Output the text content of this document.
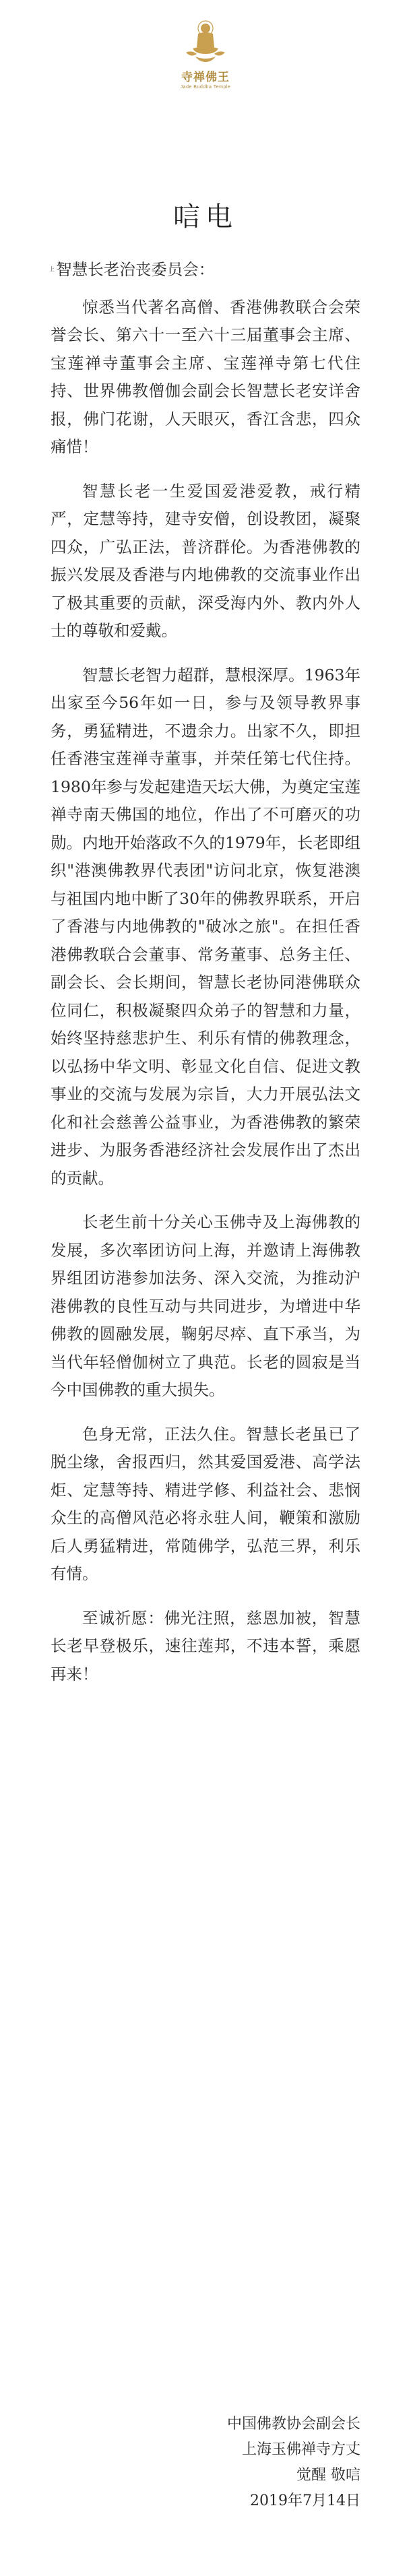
寺禅佛王
Jade Buddha Temple
唁电

智慧长老治丧委员会：

惊悉当代著名高僧、香港佛教联合会荣誉会长、第六十一至六十三届董事会主席、宝莲禅寺董事会主席、宝莲禅寺第七代住持、世界佛教僧伽会副会长智慧长老安详舍报，佛门花谢，人天眼灭，香江含悲，四众痛惜！

智慧长老一生爱国爱港爱教，戒行精严，定慧等持，建寺安僧，创设教团，凝聚四众，广弘正法，普济群伦。为香港佛教的振兴发展及香港与内地佛教的交流事业作出了极其重要的贡献，深受海内外、教内外人士的尊敬和爱戴。

智慧长老智力超群，慧根深厚。1963年出家至今56年如一日，参与及领导教界事务，勇猛精进，不遗余力。出家不久，即担任香港宝莲禅寺董事，并荣任第七代住持。1980年参与发起建造天坛大佛，为奠定宝莲禅寺南天佛国的地位，作出了不可磨灭的功勋。内地开始落政不久的1979年，长老即组织"港澳佛教界代表团"访问北京，恢复港澳与祖国内地中断了30年的佛教界联系，开启了香港与内地佛教的"破冰之旅"。在担任香港佛教联合会董事、常务董事、总务主任、副会长、会长期间，智慧长老协同港佛联众位同仁，积极凝聚四众弟子的智慧和力量，始终坚持慈悲护生、利乐有情的佛教理念，以弘扬中华文明、彰显文化自信、促进文教事业的交流与发展为宗旨，大力开展弘法文化和社会慈善公益事业，为香港佛教的繁荣进步、为服务香港经济社会发展作出了杰出的贡献。

长老生前十分关心玉佛寺及上海佛教的发展，多次率团访问上海，并邀请上海佛教界组团访港参加法务、深入交流，为推动沪港佛教的良性互动与共同进步，为增进中华佛教的圆融发展，鞠躬尽瘁、直下承当，为当代年轻僧伽树立了典范。长老的圆寂是当今中国佛教的重大损失。

色身无常，正法久住。智慧长老虽已了脱尘缘，舍报西归，然其爱国爱港、高学法炬、定慧等持、精进学修、利益社会、悲悯众生的高僧风范必将永驻人间，鞭策和激励后人勇猛精进，常随佛学，弘范三界，利乐有情。

至诚祈愿：佛光注照，慈恩加被，智慧长老早登极乐，速往莲邦，不违本誓，乘愿再来！

中国佛教协会副会长
上海玉佛禅寺方丈
觉醒 敬唁
2019年7月14日
